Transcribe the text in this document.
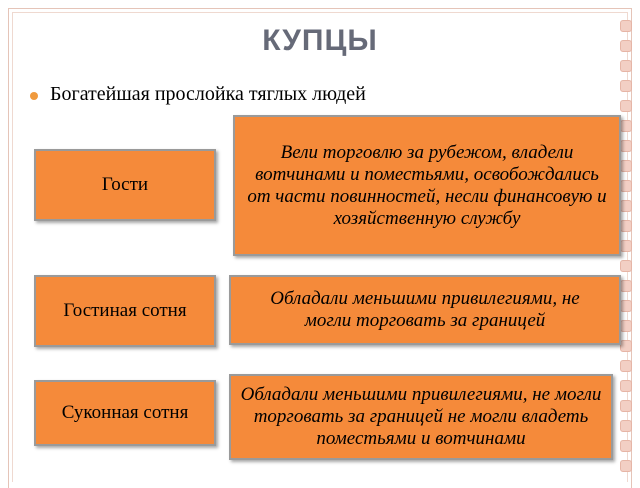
КУПЦЫ
Богатейшая прослойка тяглых людей
Гости
Вели торговлю за рубежом, владели вотчинами и поместьями, освобождались от части повинностей, несли финансовую и хозяйственную службу
Гостиная сотня
Обладали меньшими привилегиями, не могли торговать за границей
Суконная сотня
Обладали меньшими привилегиями, не могли торговать за границей не могли владеть поместьями и вотчинами
